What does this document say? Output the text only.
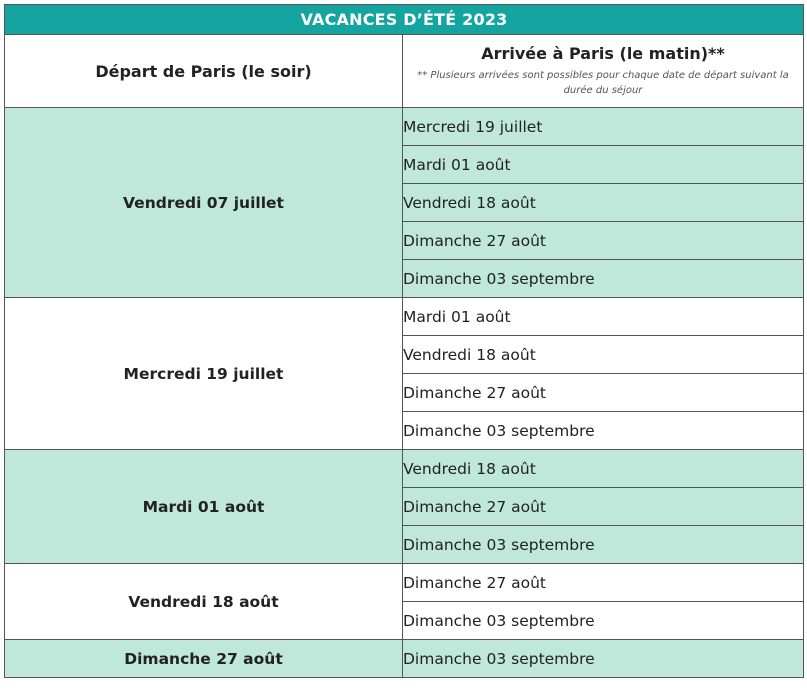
VACANCES D’ÉTÉ 2023	
Départ de Paris (le soir)	Arrivée à Paris (le matin)**
** Plusieurs arrivées sont possibles pour chaque date de départ suivant la durée du séjour

Vendredi 07 juillet	Mercredi 19 juillet
	Mardi 01 août
	Vendredi 18 août
	Dimanche 27 août
	Dimanche 03 septembre
Mercredi 19 juillet	Mardi 01 août
	Vendredi 18 août
	Dimanche 27 août
	Dimanche 03 septembre
Mardi 01 août	Vendredi 18 août
	Dimanche 27 août
	Dimanche 03 septembre
Vendredi 18 août	Dimanche 27 août
	Dimanche 03 septembre
Dimanche 27 août	Dimanche 03 septembre
